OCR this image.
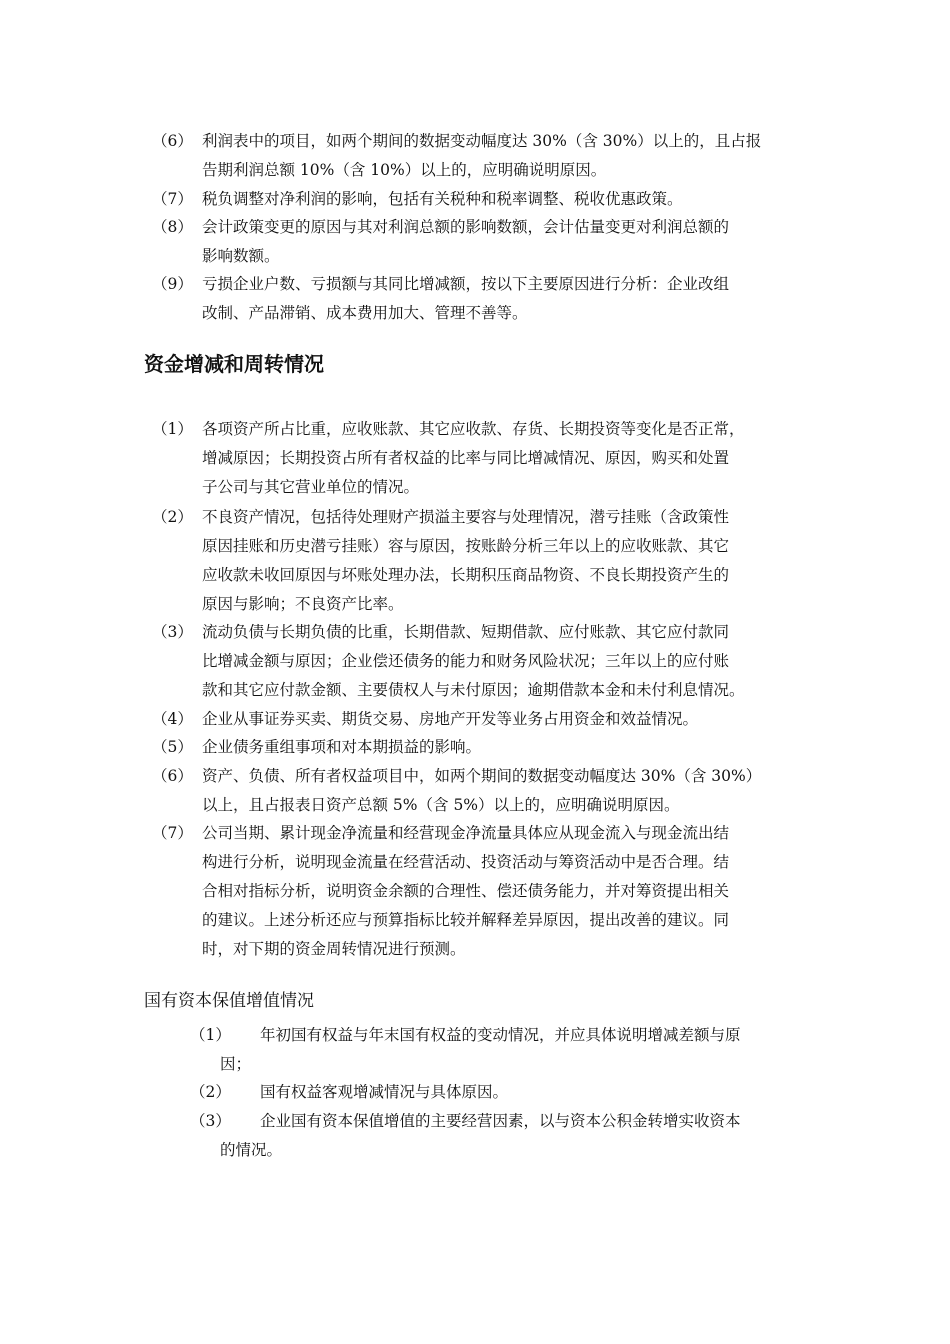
（6） 利润表中的项目，如两个期间的数据变动幅度达 30%（含 30%）以上的，且占报
告期利润总额 10%（含 10%）以上的，应明确说明原因。
（7） 税负调整对净利润的影响，包括有关税种和税率调整、税收优惠政策。
（8） 会计政策变更的原因与其对利润总额的影响数额，会计估量变更对利润总额的
影响数额。
（9） 亏损企业户数、亏损额与其同比增减额，按以下主要原因进行分析：企业改组
改制、产品滞销、成本费用加大、管理不善等。
资金增减和周转情况
（1） 各项资产所占比重，应收账款、其它应收款、存货、长期投资等变化是否正常，
增减原因；长期投资占所有者权益的比率与同比增减情况、原因，购买和处置
子公司与其它营业单位的情况。
（2） 不良资产情况，包括待处理财产损溢主要容与处理情况，潜亏挂账（含政策性
原因挂账和历史潜亏挂账）容与原因，按账龄分析三年以上的应收账款、其它
应收款未收回原因与坏账处理办法，长期积压商品物资、不良长期投资产生的
原因与影响；不良资产比率。
（3） 流动负债与长期负债的比重，长期借款、短期借款、应付账款、其它应付款同
比增减金额与原因；企业偿还债务的能力和财务风险状况；三年以上的应付账
款和其它应付款金额、主要债权人与未付原因；逾期借款本金和未付利息情况。
（4） 企业从事证券买卖、期货交易、房地产开发等业务占用资金和效益情况。
（5） 企业债务重组事项和对本期损益的影响。
（6） 资产、负债、所有者权益项目中，如两个期间的数据变动幅度达 30%（含 30%）
以上，且占报表日资产总额 5%（含 5%）以上的，应明确说明原因。
（7） 公司当期、累计现金净流量和经营现金净流量具体应从现金流入与现金流出结
构进行分析，说明现金流量在经营活动、投资活动与筹资活动中是否合理。结
合相对指标分析，说明资金余额的合理性、偿还债务能力，并对筹资提出相关
的建议。上述分析还应与预算指标比较并解释差异原因，提出改善的建议。同
时，对下期的资金周转情况进行预测。
国有资本保值增值情况
（1） 年初国有权益与年末国有权益的变动情况，并应具体说明增减差额与原
因；
（2） 国有权益客观增减情况与具体原因。
（3） 企业国有资本保值增值的主要经营因素，以与资本公积金转增实收资本
的情况。
